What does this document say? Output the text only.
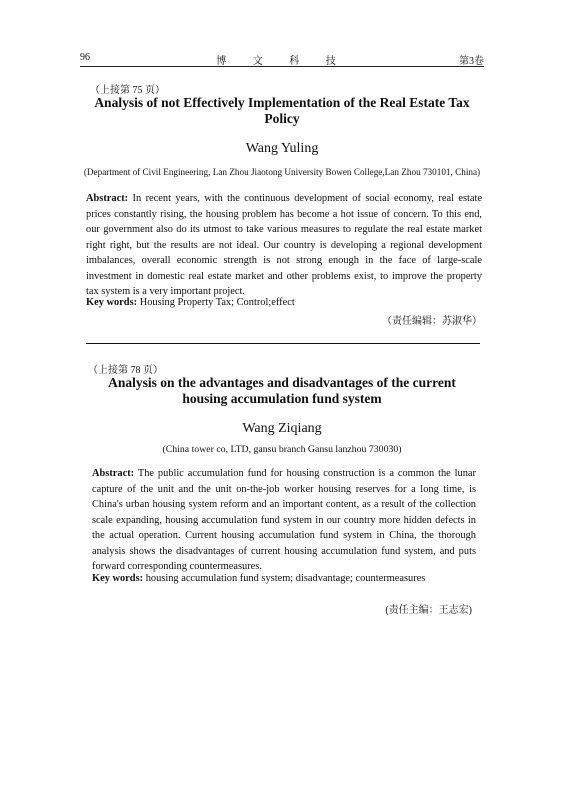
96	博 文 科 技	第3卷
（上接第 75 页）
Analysis of not Effectively Implementation of the Real Estate Tax
Policy
Wang Yuling
(Department of Civil Engineering, Lan Zhou Jiaotong University Bowen College,Lan Zhou 730101, China)
Abstract: In recent years, with the continuous development of social economy, real estate prices constantly rising, the housing problem has become a hot issue of concern. To this end, our government also do its utmost to take various measures to regulate the real estate market right right, but the results are not ideal. Our country is developing a regional development imbalances, overall economic strength is not strong enough in the face of large-scale investment in domestic real estate market and other problems exist, to improve the property tax system is a very important project.
Key words: Housing Property Tax; Control;effect
（责任编辑：苏淑华）
（上接第 78 页）
Analysis on the advantages and disadvantages of the current
housing accumulation fund system
Wang Ziqiang
(China tower co, LTD, gansu branch Gansu lanzhou 730030)
Abstract: The public accumulation fund for housing construction is a common the lunar capture of the unit and the unit on-the-job worker housing reserves for a long time, is China's urban housing system reform and an important content, as a result of the collection scale expanding, housing accumulation fund system in our country more hidden defects in the actual operation. Current housing accumulation fund system in China, the thorough analysis shows the disadvantages of current housing accumulation fund system, and puts forward corresponding countermeasures.
Key words: housing accumulation fund system; disadvantage; countermeasures
(责任主编：王志宏)
